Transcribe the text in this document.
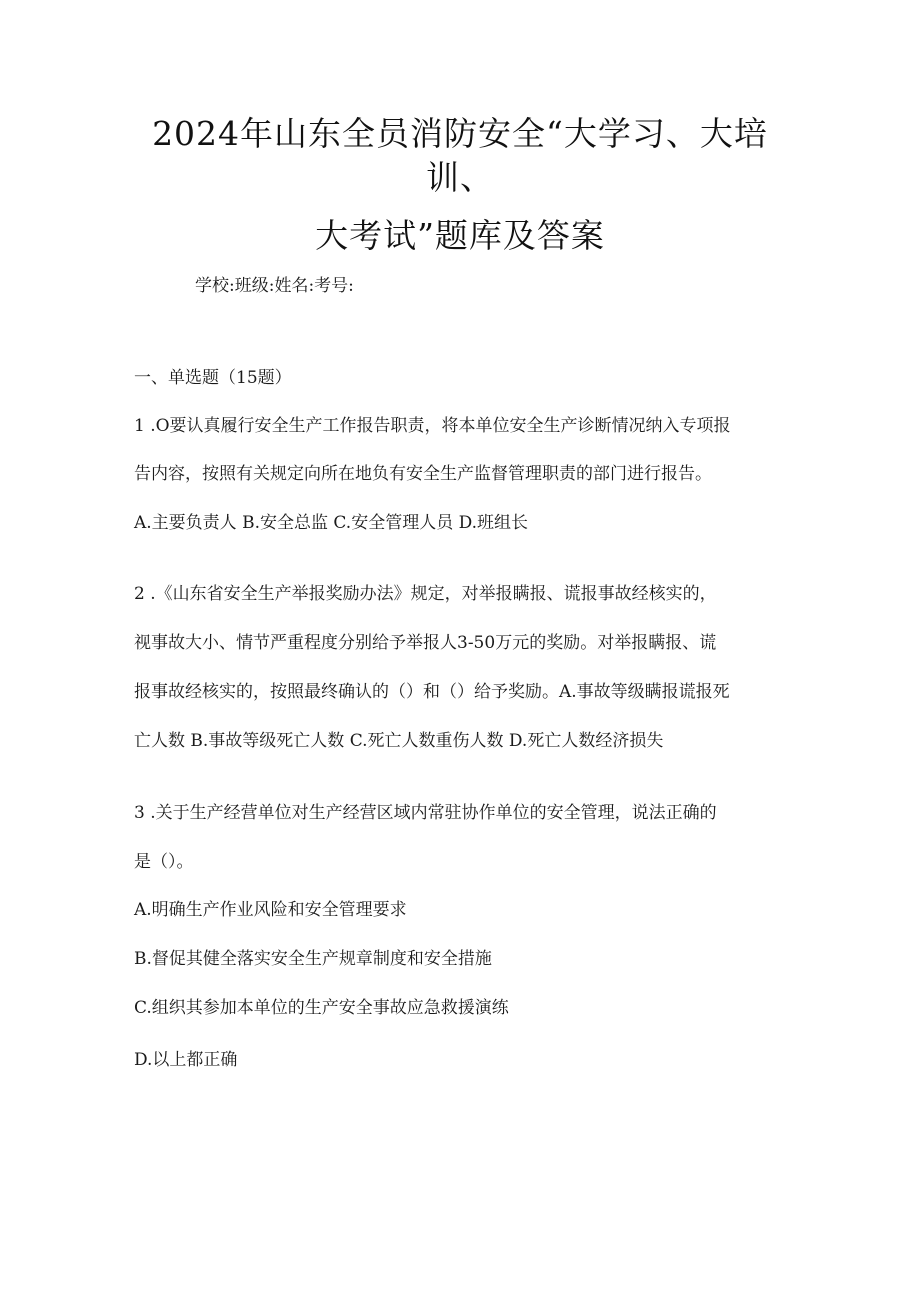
2024年山东全员消防安全“大学习、大培
训、
大考试”题库及答案
学校:班级:姓名:考号:
一、单选题（15题）
1 .O要认真履行安全生产工作报告职责，将本单位安全生产诊断情况纳入专项报
告内容，按照有关规定向所在地负有安全生产监督管理职责的部门进行报告。
A.主要负责人 B.安全总监 C.安全管理人员 D.班组长
2 .《山东省安全生产举报奖励办法》规定，对举报瞒报、谎报事故经核实的，
视事故大小、情节严重程度分别给予举报人3-50万元的奖励。对举报瞒报、谎
报事故经核实的，按照最终确认的（）和（）给予奖励。A.事故等级瞒报谎报死
亡人数 B.事故等级死亡人数 C.死亡人数重伤人数 D.死亡人数经济损失
3 .关于生产经营单位对生产经营区域内常驻协作单位的安全管理，说法正确的
是（）。
A.明确生产作业风险和安全管理要求
B.督促其健全落实安全生产规章制度和安全措施
C.组织其参加本单位的生产安全事故应急救援演练
D.以上都正确
